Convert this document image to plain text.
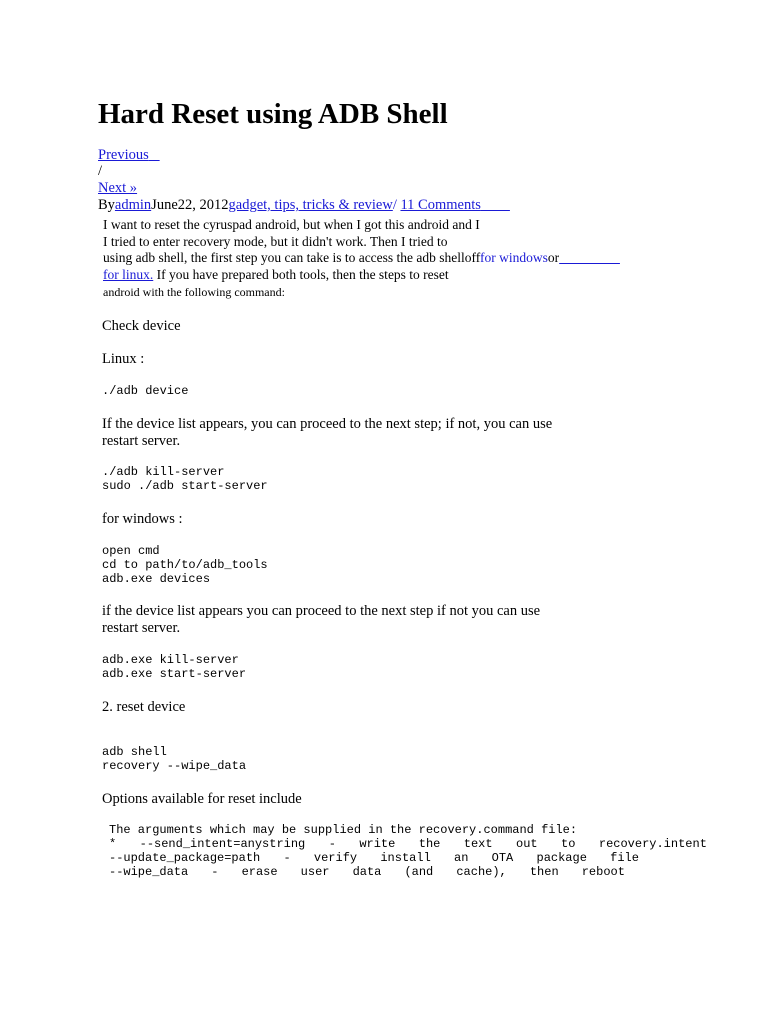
Hard Reset using ADB Shell
Previous
/
Next »
ByadminJune22, 2012gadget, tips, tricks & review/ 11 Comments
I want to reset the cyruspad android, but when I got this android and I
I tried to enter recovery mode, but it didn't work. Then I tried to
using adb shell, the first step you can take is to access the adb shellofffor windowsor
for linux. If you have prepared both tools, then the steps to reset
android with the following command:
Check device
Linux :
./adb device
If the device list appears, you can proceed to the next step; if not, you can use
restart server.
./adb kill-server
sudo ./adb start-server
for windows :
open cmd
cd to path/to/adb_tools
adb.exe devices
if the device list appears you can proceed to the next step if not you can use
restart server.
adb.exe kill-server
adb.exe start-server
2. reset device
adb shell
recovery --wipe_data
Options available for reset include
The arguments which may be supplied in the recovery.command file:
* --send_intent=anystring - write the text out to recovery.intent
--update_package=path - verify install an OTA package file
--wipe_data - erase user data (and cache), then reboot
